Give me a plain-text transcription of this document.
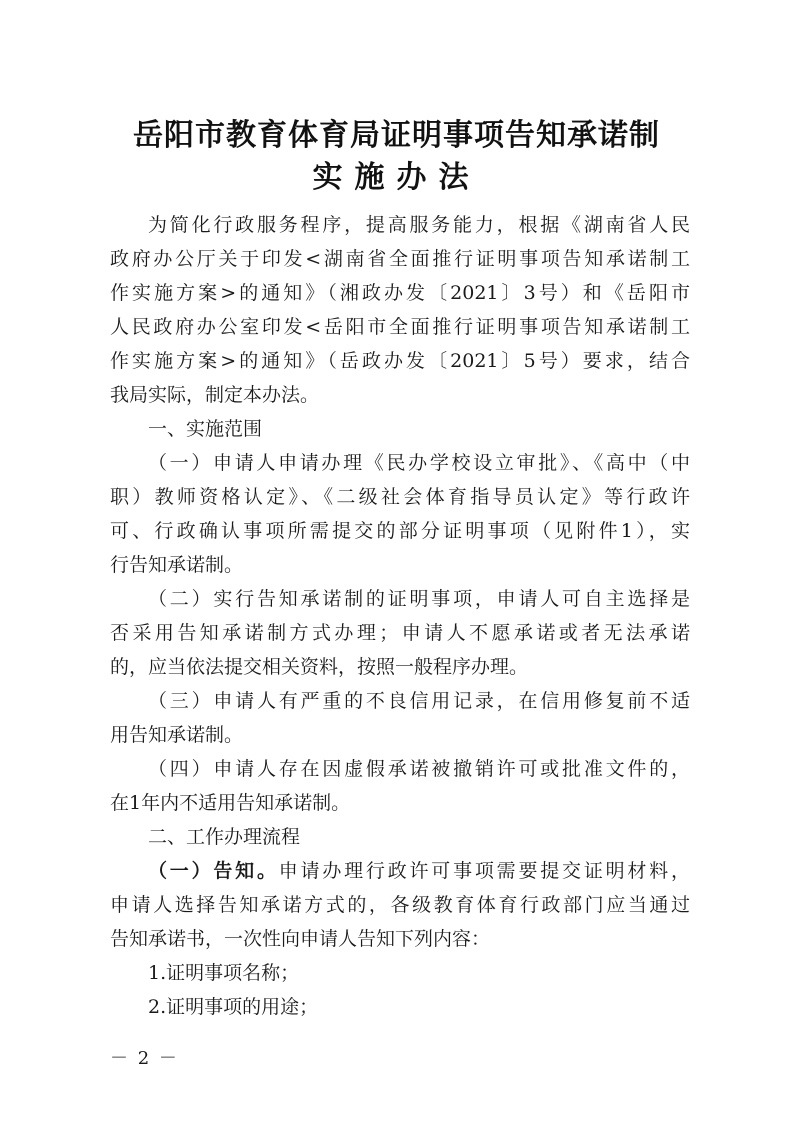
岳阳市教育体育局证明事项告知承诺制
实施办法
为简化行政服务程序，提高服务能力，根据《湖南省人民
政府办公厅关于印发<湖南省全面推行证明事项告知承诺制工
作实施方案>的通知》（湘政办发〔2021〕3号）和《岳阳市
人民政府办公室印发<岳阳市全面推行证明事项告知承诺制工
作实施方案>的通知》（岳政办发〔2021〕5号）要求，结合
我局实际，制定本办法。
一、实施范围
（一）申请人申请办理《民办学校设立审批》、《高中（中
职）教师资格认定》、《二级社会体育指导员认定》等行政许
可、行政确认事项所需提交的部分证明事项（见附件1），实
行告知承诺制。
（二）实行告知承诺制的证明事项，申请人可自主选择是
否采用告知承诺制方式办理；申请人不愿承诺或者无法承诺
的，应当依法提交相关资料，按照一般程序办理。
（三）申请人有严重的不良信用记录，在信用修复前不适
用告知承诺制。
（四）申请人存在因虚假承诺被撤销许可或批准文件的，
在1年内不适用告知承诺制。
二、工作办理流程
（一）告知。申请办理行政许可事项需要提交证明材料，
申请人选择告知承诺方式的，各级教育体育行政部门应当通过
告知承诺书，一次性向申请人告知下列内容：
1.证明事项名称；
2.证明事项的用途；
－ 2 －
